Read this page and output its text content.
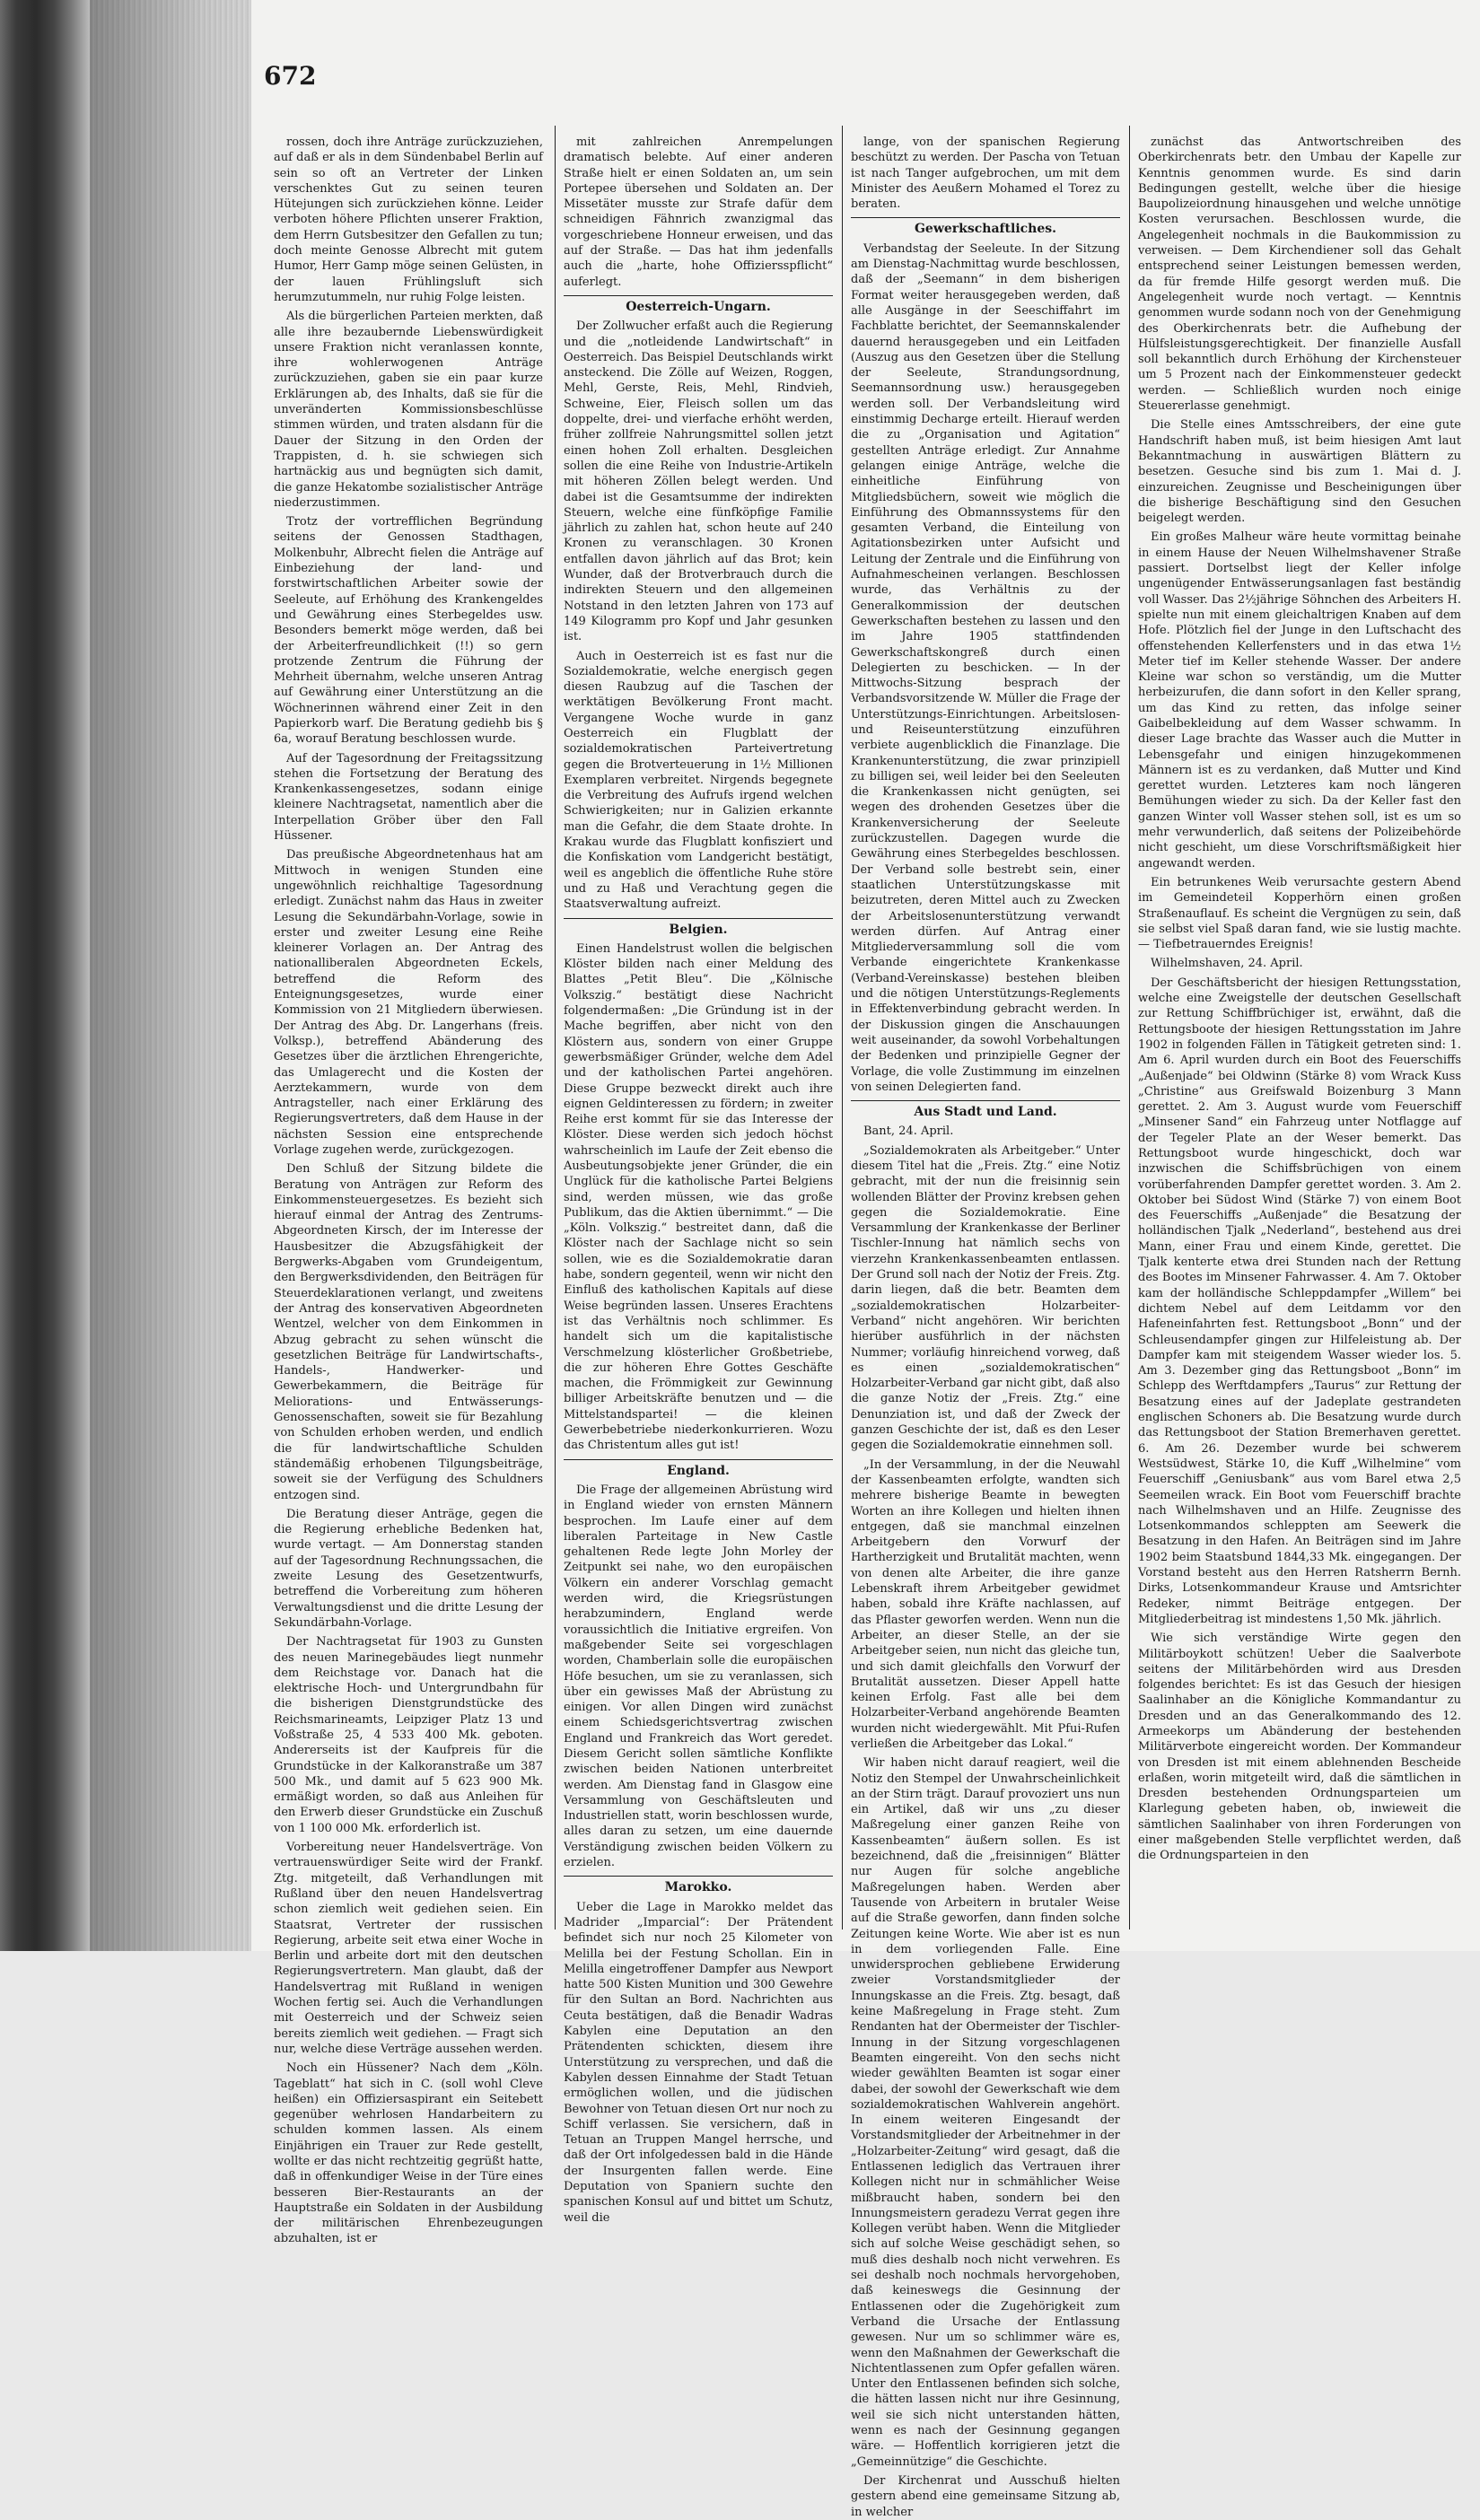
672

rossen, doch ihre Anträge zurückzuziehen, auf daß er als in dem Sündenbabel Berlin auf sein so oft an Vertreter der Linken verschenktes Gut zu seinen teuren Hütejungen sich zurückziehen könne. Leider verboten höhere Pflichten unserer Fraktion, dem Herrn Gutsbesitzer den Gefallen zu tun; doch meinte Genosse Albrecht mit gutem Humor, Herr Gamp möge seinen Gelüsten, in der lauen Frühlingsluft sich herumzutummeln, nur ruhig Folge leisten.

Als die bürgerlichen Parteien merkten, daß alle ihre bezaubernde Liebenswürdigkeit unsere Fraktion nicht veranlassen konnte, ihre wohlerwogenen Anträge zurückzuziehen, gaben sie ein paar kurze Erklärungen ab, des Inhalts, daß sie für die unveränderten Kommissionsbeschlüsse stimmen würden, und traten alsdann für die Dauer der Sitzung in den Orden der Trappisten, d. h. sie schwiegen sich hartnäckig aus und begnügten sich damit, die ganze Hekatombe sozialistischer Anträge niederzustimmen.

Trotz der vortrefflichen Begründung seitens der Genossen Stadthagen, Molkenbuhr, Albrecht fielen die Anträge auf Einbeziehung der land- und forstwirtschaftlichen Arbeiter sowie der Seeleute, auf Erhöhung des Krankengeldes und Gewährung eines Sterbegeldes usw. Besonders bemerkt möge werden, daß bei der Arbeiterfreundlichkeit (!!) so gern protzende Zentrum die Führung der Mehrheit übernahm, welche unseren Antrag auf Gewährung einer Unterstützung an die Wöchnerinnen während einer Zeit in den Papierkorb warf. Die Beratung gediehb bis § 6a, worauf Beratung beschlossen wurde.

Auf der Tagesordnung der Freitagssitzung stehen die Fortsetzung der Beratung des Krankenkassengesetzes, sodann einige kleinere Nachtragsetat, namentlich aber die Interpellation Gröber über den Fall Hüssener.

Das preußische Abgeordnetenhaus hat am Mittwoch in wenigen Stunden eine ungewöhnlich reichhaltige Tagesordnung erledigt. Zunächst nahm das Haus in zweiter Lesung die Sekundärbahn-Vorlage, sowie in erster und zweiter Lesung eine Reihe kleinerer Vorlagen an. Der Antrag des nationalliberalen Abgeordneten Eckels, betreffend die Reform des Enteignungsgesetzes, wurde einer Kommission von 21 Mitgliedern überwiesen. Der Antrag des Abg. Dr. Langerhans (freis. Volksp.), betreffend Abänderung des Gesetzes über die ärztlichen Ehrengerichte, das Umlagerecht und die Kosten der Aerztekammern, wurde von dem Antragsteller, nach einer Erklärung des Regierungsvertreters, daß dem Hause in der nächsten Session eine entsprechende Vorlage zugehen werde, zurückgezogen.

Den Schluß der Sitzung bildete die Beratung von Anträgen zur Reform des Einkommensteuergesetzes. Es bezieht sich hierauf einmal der Antrag des Zentrums-Abgeordneten Kirsch, der im Interesse der Hausbesitzer die Abzugsfähigkeit der Bergwerks-Abgaben vom Grundeigentum, den Bergwerksdividenden, den Beiträgen für Steuerdeklarationen verlangt, und zweitens der Antrag des konservativen Abgeordneten Wentzel, welcher von dem Einkommen in Abzug gebracht zu sehen wünscht die gesetzlichen Beiträge für Landwirtschafts-, Handels-, Handwerker- und Gewerbekammern, die Beiträge für Meliorations- und Entwässerungs-Genossenschaften, soweit sie für Bezahlung von Schulden erhoben werden, und endlich die für landwirtschaftliche Schulden ständemäßig erhobenen Tilgungsbeiträge, soweit sie der Verfügung des Schuldners entzogen sind.

Die Beratung dieser Anträge, gegen die die Regierung erhebliche Bedenken hat, wurde vertagt. — Am Donnerstag standen auf der Tagesordnung Rechnungssachen, die zweite Lesung des Gesetzentwurfs, betreffend die Vorbereitung zum höheren Verwaltungsdienst und die dritte Lesung der Sekundärbahn-Vorlage.

Der Nachtragsetat für 1903 zu Gunsten des neuen Marinegebäudes liegt nunmehr dem Reichstage vor. Danach hat die elektrische Hoch- und Untergrundbahn für die bisherigen Dienstgrundstücke des Reichsmarineamts, Leipziger Platz 13 und Voßstraße 25, 4 533 400 Mk. geboten. Andererseits ist der Kaufpreis für die Grundstücke in der Kalkoranstraße um 387 500 Mk., und damit auf 5 623 900 Mk. ermäßigt worden, so daß aus Anleihen für den Erwerb dieser Grundstücke ein Zuschuß von 1 100 000 Mk. erforderlich ist.

Vorbereitung neuer Handelsverträge. Von vertrauenswürdiger Seite wird der Frankf. Ztg. mitgeteilt, daß Verhandlungen mit Rußland über den neuen Handelsvertrag schon ziemlich weit gediehen seien. Ein Staatsrat, Vertreter der russischen Regierung, arbeite seit etwa einer Woche in Berlin und arbeite dort mit den deutschen Regierungsvertretern. Man glaubt, daß der Handelsvertrag mit Rußland in wenigen Wochen fertig sei. Auch die Verhandlungen mit Oesterreich und der Schweiz seien bereits ziemlich weit gediehen. — Fragt sich nur, welche diese Verträge aussehen werden.

Noch ein Hüssener? Nach dem „Köln. Tageblatt“ hat sich in C. (soll wohl Cleve heißen) ein Offiziersaspirant ein Seitebett gegenüber wehrlosen Handarbeitern zu schulden kommen lassen. Als einem Einjährigen ein Trauer zur Rede gestellt, wollte er das nicht rechtzeitig gegrüßt hatte, daß in offenkundiger Weise in der Türe eines besseren Bier-Restaurants an der Hauptstraße ein Soldaten in der Ausbildung der militärischen Ehrenbezeugungen abzuhalten, ist er

mit zahlreichen Anrempelungen dramatisch belebte. Auf einer anderen Straße hielt er einen Soldaten an, um sein Portepee übersehen und Soldaten an. Der Missetäter musste zur Strafe dafür dem schneidigen Fähnrich zwanzigmal das vorgeschriebene Honneur erweisen, und das auf der Straße. — Das hat ihm jedenfalls auch die „harte, hohe Offiziersspflicht“ auferlegt.

Oesterreich-Ungarn.

Der Zollwucher erfaßt auch die Regierung und die „notleidende Landwirtschaft“ in Oesterreich. Das Beispiel Deutschlands wirkt ansteckend. Die Zölle auf Weizen, Roggen, Mehl, Gerste, Reis, Mehl, Rindvieh, Schweine, Eier, Fleisch sollen um das doppelte, drei- und vierfache erhöht werden, früher zollfreie Nahrungsmittel sollen jetzt einen hohen Zoll erhalten. Desgleichen sollen die eine Reihe von Industrie-Artikeln mit höheren Zöllen belegt werden. Und dabei ist die Gesamtsumme der indirekten Steuern, welche eine fünfköpfige Familie jährlich zu zahlen hat, schon heute auf 240 Kronen zu veranschlagen. 30 Kronen entfallen davon jährlich auf das Brot; kein Wunder, daß der Brotverbrauch durch die indirekten Steuern und den allgemeinen Notstand in den letzten Jahren von 173 auf 149 Kilogramm pro Kopf und Jahr gesunken ist.

Auch in Oesterreich ist es fast nur die Sozialdemokratie, welche energisch gegen diesen Raubzug auf die Taschen der werktätigen Bevölkerung Front macht. Vergangene Woche wurde in ganz Oesterreich ein Flugblatt der sozialdemokratischen Parteivertretung gegen die Brotverteuerung in 1½ Millionen Exemplaren verbreitet. Nirgends begegnete die Verbreitung des Aufrufs irgend welchen Schwierigkeiten; nur in Galizien erkannte man die Gefahr, die dem Staate drohte. In Krakau wurde das Flugblatt konfisziert und die Konfiskation vom Landgericht bestätigt, weil es angeblich die öffentliche Ruhe störe und zu Haß und Verachtung gegen die Staatsverwaltung aufreizt.

Belgien.

Einen Handelstrust wollen die belgischen Klöster bilden nach einer Meldung des Blattes „Petit Bleu“. Die „Kölnische Volkszig.“ bestätigt diese Nachricht folgendermaßen: „Die Gründung ist in der Mache begriffen, aber nicht von den Klöstern aus, sondern von einer Gruppe gewerbsmäßiger Gründer, welche dem Adel und der katholischen Partei angehören. Diese Gruppe bezweckt direkt auch ihre eignen Geldinteressen zu fördern; in zweiter Reihe erst kommt für sie das Interesse der Klöster. Diese werden sich jedoch höchst wahrscheinlich im Laufe der Zeit ebenso die Ausbeutungsobjekte jener Gründer, die ein Unglück für die katholische Partei Belgiens sind, werden müssen, wie das große Publikum, das die Aktien übernimmt.“ — Die „Köln. Volkszig.“ bestreitet dann, daß die Klöster nach der Sachlage nicht so sein sollen, wie es die Sozialdemokratie daran habe, sondern gegenteil, wenn wir nicht den Einfluß des katholischen Kapitals auf diese Weise begründen lassen. Unseres Erachtens ist das Verhältnis noch schlimmer. Es handelt sich um die kapitalistische Verschmelzung klösterlicher Großbetriebe, die zur höheren Ehre Gottes Geschäfte machen, die Frömmigkeit zur Gewinnung billiger Arbeitskräfte benutzen und — die Mittelstandspartei! — die kleinen Gewerbebetriebe niederkonkurrieren. Wozu das Christentum alles gut ist!

England.

Die Frage der allgemeinen Abrüstung wird in England wieder von ernsten Männern besprochen. Im Laufe einer auf dem liberalen Parteitage in New Castle gehaltenen Rede legte John Morley der Zeitpunkt sei nahe, wo den europäischen Völkern ein anderer Vorschlag gemacht werden wird, die Kriegsrüstungen herabzumindern, England werde voraussichtlich die Initiative ergreifen. Von maßgebender Seite sei vorgeschlagen worden, Chamberlain solle die europäischen Höfe besuchen, um sie zu veranlassen, sich über ein gewisses Maß der Abrüstung zu einigen. Vor allen Dingen wird zunächst einem Schiedsgerichtsvertrag zwischen England und Frankreich das Wort geredet. Diesem Gericht sollen sämtliche Konflikte zwischen beiden Nationen unterbreitet werden. Am Dienstag fand in Glasgow eine Versammlung von Geschäftsleuten und Industriellen statt, worin beschlossen wurde, alles daran zu setzen, um eine dauernde Verständigung zwischen beiden Völkern zu erzielen.

Marokko.

Ueber die Lage in Marokko meldet das Madrider „Imparcial“: Der Prätendent befindet sich nur noch 25 Kilometer von Melilla bei der Festung Schollan. Ein in Melilla eingetroffener Dampfer aus Newport hatte 500 Kisten Munition und 300 Gewehre für den Sultan an Bord. Nachrichten aus Ceuta bestätigen, daß die Benadir Wadras Kabylen eine Deputation an den Prätendenten schickten, diesem ihre Unterstützung zu versprechen, und daß die Kabylen dessen Einnahme der Stadt Tetuan ermöglichen wollen, und die jüdischen Bewohner von Tetuan diesen Ort nur noch zu Schiff verlassen. Sie versichern, daß in Tetuan an Truppen Mangel herrsche, und daß der Ort infolgedessen bald in die Hände der Insurgenten fallen werde. Eine Deputation von Spaniern suchte den spanischen Konsul auf und bittet um Schutz, weil die

lange, von der spanischen Regierung beschützt zu werden. Der Pascha von Tetuan ist nach Tanger aufgebrochen, um mit dem Minister des Aeußern Mohamed el Torez zu beraten.

Gewerkschaftliches.

Verbandstag der Seeleute. In der Sitzung am Dienstag-Nachmittag wurde beschlossen, daß der „Seemann“ in dem bisherigen Format weiter herausgegeben werden, daß alle Ausgänge in der Seeschiffahrt im Fachblatte berichtet, der Seemannskalender dauernd herausgegeben und ein Leitfaden (Auszug aus den Gesetzen über die Stellung der Seeleute, Strandungsordnung, Seemannsordnung usw.) herausgegeben werden soll. Der Verbandsleitung wird einstimmig Decharge erteilt. Hierauf werden die zu „Organisation und Agitation“ gestellten Anträge erledigt. Zur Annahme gelangen einige Anträge, welche die einheitliche Einführung von Mitgliedsbüchern, soweit wie möglich die Einführung des Obmannssystems für den gesamten Verband, die Einteilung von Agitationsbezirken unter Aufsicht und Leitung der Zentrale und die Einführung von Aufnahmescheinen verlangen. Beschlossen wurde, das Verhältnis zu der Generalkommission der deutschen Gewerkschaften bestehen zu lassen und den im Jahre 1905 stattfindenden Gewerkschaftskongreß durch einen Delegierten zu beschicken. — In der Mittwochs-Sitzung besprach der Verbandsvorsitzende W. Müller die Frage der Unterstützungs-Einrichtungen. Arbeitslosen- und Reiseunterstützung einzuführen verbiete augenblicklich die Finanzlage. Die Krankenunterstützung, die zwar prinzipiell zu billigen sei, weil leider bei den Seeleuten die Krankenkassen nicht genügten, sei wegen des drohenden Gesetzes über die Krankenversicherung der Seeleute zurückzustellen. Dagegen wurde die Gewährung eines Sterbegeldes beschlossen. Der Verband solle bestrebt sein, einer staatlichen Unterstützungskasse mit beizutreten, deren Mittel auch zu Zwecken der Arbeitslosenunterstützung verwandt werden dürfen. Auf Antrag einer Mitgliederversammlung soll die vom Verbande eingerichtete Krankenkasse (Verband-Vereinskasse) bestehen bleiben und die nötigen Unterstützungs-Reglements in Effektenverbindung gebracht werden. In der Diskussion gingen die Anschauungen weit auseinander, da sowohl Vorbehaltungen der Bedenken und prinzipielle Gegner der Vorlage, die volle Zustimmung im einzelnen von seinen Delegierten fand.

Aus Stadt und Land.

Bant, 24. April.

„Sozialdemokraten als Arbeitgeber.“ Unter diesem Titel hat die „Freis. Ztg.“ eine Notiz gebracht, mit der nun die freisinnig sein wollenden Blätter der Provinz krebsen gehen gegen die Sozialdemokratie. Eine Versammlung der Krankenkasse der Berliner Tischler-Innung hat nämlich sechs von vierzehn Krankenkassenbeamten entlassen. Der Grund soll nach der Notiz der Freis. Ztg. darin liegen, daß die betr. Beamten dem „sozialdemokratischen Holzarbeiter-Verband“ nicht angehören. Wir berichten hierüber ausführlich in der nächsten Nummer; vorläufig hinreichend vorweg, daß es einen „sozialdemokratischen“ Holzarbeiter-Verband gar nicht gibt, daß also die ganze Notiz der „Freis. Ztg.“ eine Denunziation ist, und daß der Zweck der ganzen Geschichte der ist, daß es den Leser gegen die Sozialdemokratie einnehmen soll.

„In der Versammlung, in der die Neuwahl der Kassenbeamten erfolgte, wandten sich mehrere bisherige Beamte in bewegten Worten an ihre Kollegen und hielten ihnen entgegen, daß sie manchmal einzelnen Arbeitgebern den Vorwurf der Hartherzigkeit und Brutalität machten, wenn von denen alte Arbeiter, die ihre ganze Lebenskraft ihrem Arbeitgeber gewidmet haben, sobald ihre Kräfte nachlassen, auf das Pflaster geworfen werden. Wenn nun die Arbeiter, an dieser Stelle, an der sie Arbeitgeber seien, nun nicht das gleiche tun, und sich damit gleichfalls den Vorwurf der Brutalität aussetzen. Dieser Appell hatte keinen Erfolg. Fast alle bei dem Holzarbeiter-Verband angehörende Beamten wurden nicht wiedergewählt. Mit Pfui-Rufen verließen die Arbeitgeber das Lokal.“

Wir haben nicht darauf reagiert, weil die Notiz den Stempel der Unwahrscheinlichkeit an der Stirn trägt. Darauf provoziert uns nun ein Artikel, daß wir uns „zu dieser Maßregelung einer ganzen Reihe von Kassenbeamten“ äußern sollen. Es ist bezeichnend, daß die „freisinnigen“ Blätter nur Augen für solche angebliche Maßregelungen haben. Werden aber Tausende von Arbeitern in brutaler Weise auf die Straße geworfen, dann finden solche Zeitungen keine Worte. Wie aber ist es nun in dem vorliegenden Falle. Eine unwidersprochen gebliebene Erwiderung zweier Vorstandsmitglieder der Innungskasse an die Freis. Ztg. besagt, daß keine Maßregelung in Frage steht. Zum Rendanten hat der Obermeister der Tischler-Innung in der Sitzung vorgeschlagenen Beamten eingereiht. Von den sechs nicht wieder gewählten Beamten ist sogar einer dabei, der sowohl der Gewerkschaft wie dem sozialdemokratischen Wahlverein angehört. In einem weiteren Eingesandt der Vorstandsmitglieder der Arbeitnehmer in der „Holzarbeiter-Zeitung“ wird gesagt, daß die Entlassenen lediglich das Vertrauen ihrer Kollegen nicht nur in schmählicher Weise mißbraucht haben, sondern bei den Innungsmeistern geradezu Verrat gegen ihre Kollegen verübt haben. Wenn die Mitglieder sich auf solche Weise geschädigt sehen, so muß dies deshalb noch nicht verwehren. Es sei deshalb noch nochmals hervorgehoben, daß keineswegs die Gesinnung der Entlassenen oder die Zugehörigkeit zum Verband die Ursache der Entlassung gewesen. Nur um so schlimmer wäre es, wenn den Maßnahmen der Gewerkschaft die Nichtentlassenen zum Opfer gefallen wären. Unter den Entlassenen befinden sich solche, die hätten lassen nicht nur ihre Gesinnung, weil sie sich nicht unterstanden hätten, wenn es nach der Gesinnung gegangen wäre. — Hoffentlich korrigieren jetzt die „Gemeinnützige“ die Geschichte.

Der Kirchenrat und Ausschuß hielten gestern abend eine gemeinsame Sitzung ab, in welcher

zunächst das Antwortschreiben des Oberkirchenrats betr. den Umbau der Kapelle zur Kenntnis genommen wurde. Es sind darin Bedingungen gestellt, welche über die hiesige Baupolizeiordnung hinausgehen und welche unnötige Kosten verursachen. Beschlossen wurde, die Angelegenheit nochmals in die Baukommission zu verweisen. — Dem Kirchendiener soll das Gehalt entsprechend seiner Leistungen bemessen werden, da für fremde Hilfe gesorgt werden muß. Die Angelegenheit wurde noch vertagt. — Kenntnis genommen wurde sodann noch von der Genehmigung des Oberkirchenrats betr. die Aufhebung der Hülfsleistungsgerechtigkeit. Der finanzielle Ausfall soll bekanntlich durch Erhöhung der Kirchensteuer um 5 Prozent nach der Einkommensteuer gedeckt werden. — Schließlich wurden noch einige Steuererlasse genehmigt.

Die Stelle eines Amtsschreibers, der eine gute Handschrift haben muß, ist beim hiesigen Amt laut Bekanntmachung in auswärtigen Blättern zu besetzen. Gesuche sind bis zum 1. Mai d. J. einzureichen. Zeugnisse und Bescheinigungen über die bisherige Beschäftigung sind den Gesuchen beigelegt werden.

Ein großes Malheur wäre heute vormittag beinahe in einem Hause der Neuen Wilhelmshavener Straße passiert. Dortselbst liegt der Keller infolge ungenügender Entwässerungsanlagen fast beständig voll Wasser. Das 2½jährige Söhnchen des Arbeiters H. spielte nun mit einem gleichaltrigen Knaben auf dem Hofe. Plötzlich fiel der Junge in den Luftschacht des offenstehenden Kellerfensters und in das etwa 1½ Meter tief im Keller stehende Wasser. Der andere Kleine war schon so verständig, um die Mutter herbeizurufen, die dann sofort in den Keller sprang, um das Kind zu retten, das infolge seiner Gaibelbekleidung auf dem Wasser schwamm. In dieser Lage brachte das Wasser auch die Mutter in Lebensgefahr und einigen hinzugekommenen Männern ist es zu verdanken, daß Mutter und Kind gerettet wurden. Letzteres kam noch längeren Bemühungen wieder zu sich. Da der Keller fast den ganzen Winter voll Wasser stehen soll, ist es um so mehr verwunderlich, daß seitens der Polizeibehörde nicht geschieht, um diese Vorschriftsmäßigkeit hier angewandt werden.

Ein betrunkenes Weib verursachte gestern Abend im Gemeindeteil Kopperhörn einen großen Straßenauflauf. Es scheint die Vergnügen zu sein, daß sie selbst viel Spaß daran fand, wie sie lustig machte. — Tiefbetrauerndes Ereignis!

Wilhelmshaven, 24. April.

Der Geschäftsbericht der hiesigen Rettungsstation, welche eine Zweigstelle der deutschen Gesellschaft zur Rettung Schiffbrüchiger ist, erwähnt, daß die Rettungsboote der hiesigen Rettungsstation im Jahre 1902 in folgenden Fällen in Tätigkeit getreten sind: 1. Am 6. April wurden durch ein Boot des Feuerschiffs „Außenjade“ bei Oldwinn (Stärke 8) vom Wrack Kuss „Christine“ aus Greifswald Boizenburg 3 Mann gerettet. 2. Am 3. August wurde vom Feuerschiff „Minsener Sand“ ein Fahrzeug unter Notflagge auf der Tegeler Plate an der Weser bemerkt. Das Rettungsboot wurde hingeschickt, doch war inzwischen die Schiffsbrüchigen von einem vorüberfahrenden Dampfer gerettet worden. 3. Am 2. Oktober bei Südost Wind (Stärke 7) von einem Boot des Feuerschiffs „Außenjade“ die Besatzung der holländischen Tjalk „Nederland“, bestehend aus drei Mann, einer Frau und einem Kinde, gerettet. Die Tjalk kenterte etwa drei Stunden nach der Rettung des Bootes im Minsener Fahrwasser. 4. Am 7. Oktober kam der holländische Schleppdampfer „Willem“ bei dichtem Nebel auf dem Leitdamm vor den Hafeneinfahrten fest. Rettungsboot „Bonn“ und der Schleusendampfer gingen zur Hilfeleistung ab. Der Dampfer kam mit steigendem Wasser wieder los. 5. Am 3. Dezember ging das Rettungsboot „Bonn“ im Schlepp des Werftdampfers „Taurus“ zur Rettung der Besatzung eines auf der Jadeplate gestrandeten englischen Schoners ab. Die Besatzung wurde durch das Rettungsboot der Station Bremerhaven gerettet. 6. Am 26. Dezember wurde bei schwerem Westsüdwest, Stärke 10, die Kuff „Wilhelmine“ vom Feuerschiff „Geniusbank“ aus vom Barel etwa 2,5 Seemeilen wrack. Ein Boot vom Feuerschiff brachte nach Wilhelmshaven und an Hilfe. Zeugnisse des Lotsenkommandos schleppten am Seewerk die Besatzung in den Hafen. An Beiträgen sind im Jahre 1902 beim Staatsbund 1844,33 Mk. eingegangen. Der Vorstand besteht aus den Herren Ratsherrn Bernh. Dirks, Lotsenkommandeur Krause und Amtsrichter Redeker, nimmt Beiträge entgegen. Der Mitgliederbeitrag ist mindestens 1,50 Mk. jährlich.

Wie sich verständige Wirte gegen den Militärboykott schützen! Ueber die Saalverbote seitens der Militärbehörden wird aus Dresden folgendes berichtet: Es ist das Gesuch der hiesigen Saalinhaber an die Königliche Kommandantur zu Dresden und an das Generalkommando des 12. Armeekorps um Abänderung der bestehenden Militärverbote eingereicht worden. Der Kommandeur von Dresden ist mit einem ablehnenden Bescheide erlaßen, worin mitgeteilt wird, daß die sämtlichen in Dresden bestehenden Ordnungsparteien um Klarlegung gebeten haben, ob, inwieweit die sämtlichen Saalinhaber von ihren Forderungen von einer maßgebenden Stelle verpflichtet werden, daß die Ordnungsparteien in den
